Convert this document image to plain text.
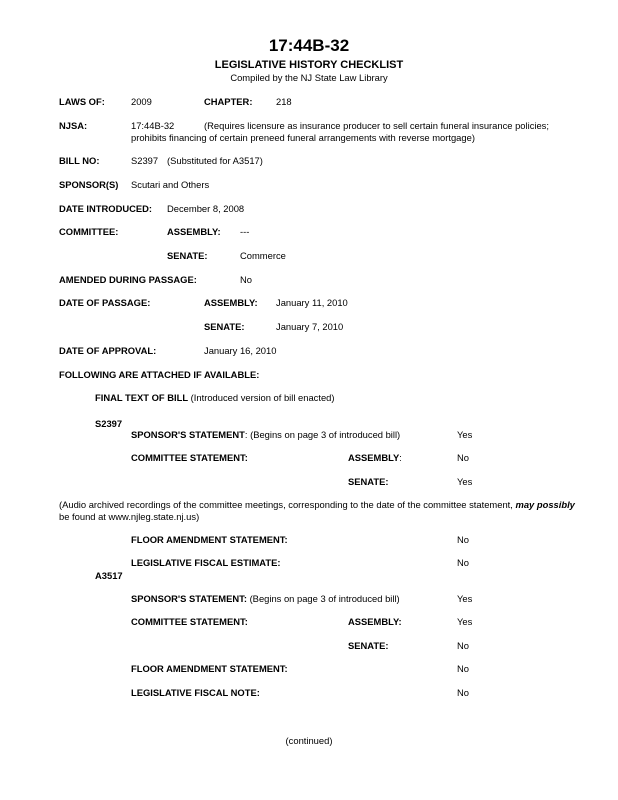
17:44B-32
LEGISLATIVE HISTORY CHECKLIST
Compiled by the NJ State Law Library
LAWS OF:	2009	CHAPTER:	218
NJSA:	17:44B-32	(Requires licensure as insurance producer to sell certain funeral insurance policies;
prohibits financing of certain preneed funeral arrangements with reverse mortgage)
BILL NO:	S2397 (Substituted for A3517)
SPONSOR(S) Scutari and Others
DATE INTRODUCED: December 8, 2008
COMMITTEE:	ASSEMBLY: ---
SENATE:	Commerce
AMENDED DURING PASSAGE:	No
DATE OF PASSAGE:	ASSEMBLY: January 11, 2010
SENATE:	January 7, 2010
DATE OF APPROVAL:	January 16, 2010
FOLLOWING ARE ATTACHED IF AVAILABLE:
FINAL TEXT OF BILL (Introduced version of bill enacted)
S2397
SPONSOR'S STATEMENT: (Begins on page 3 of introduced bill)	Yes
COMMITTEE STATEMENT:	ASSEMBLY:	No
SENATE:	Yes
(Audio archived recordings of the committee meetings, corresponding to the date of the committee statement, may possibly
be found at www.njleg.state.nj.us)
FLOOR AMENDMENT STATEMENT:	No
LEGISLATIVE FISCAL ESTIMATE:	No
A3517
SPONSOR'S STATEMENT: (Begins on page 3 of introduced bill)	Yes
COMMITTEE STATEMENT:	ASSEMBLY:	Yes
SENATE:	No
FLOOR AMENDMENT STATEMENT:	No
LEGISLATIVE FISCAL NOTE:	No
(continued)
